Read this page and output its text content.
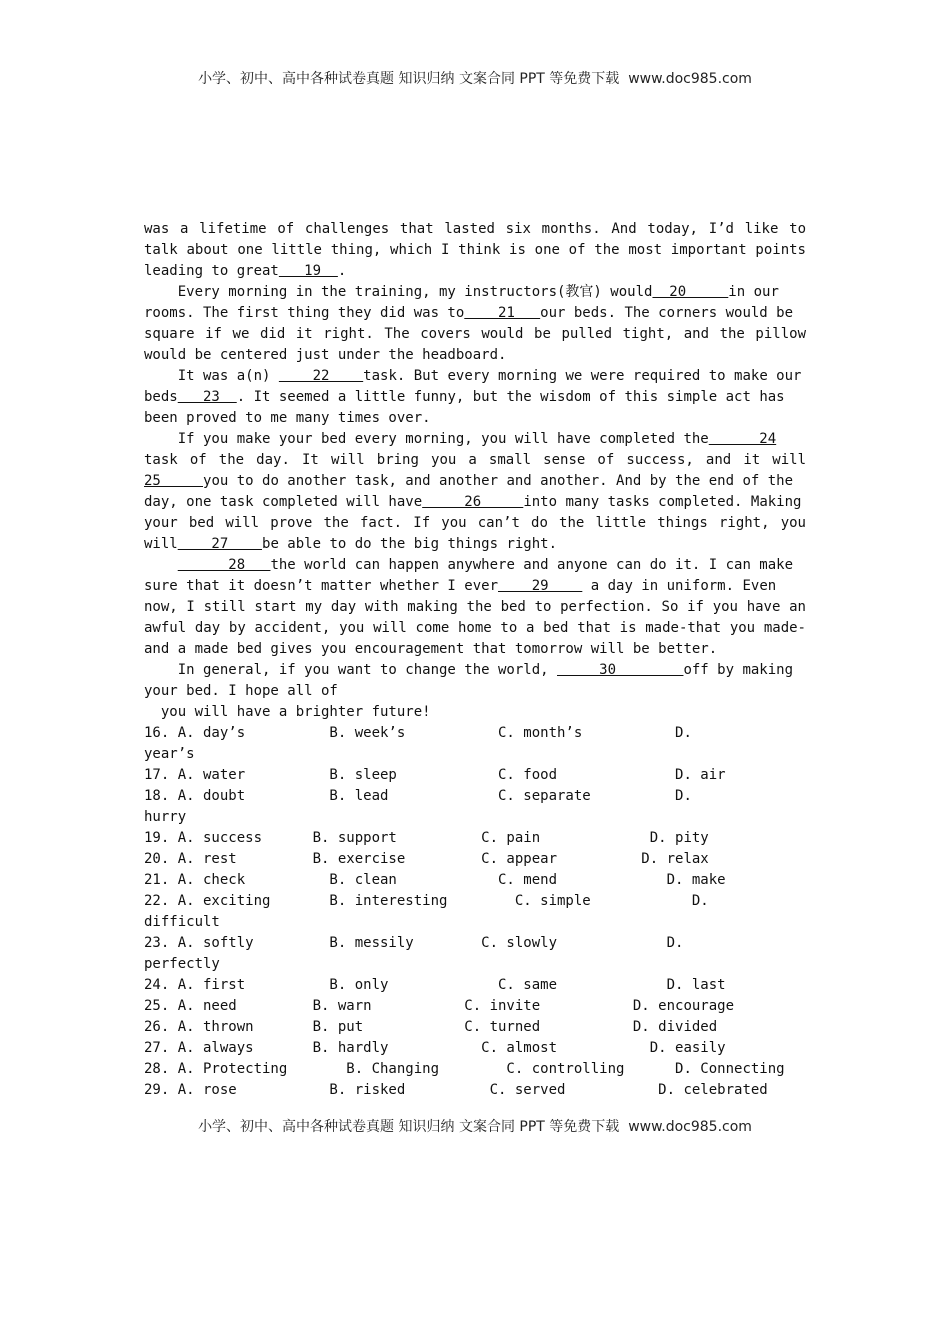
小学、初中、高中各种试卷真题 知识归纳 文案合同 PPT 等免费下载  www.doc985.com
was a lifetime of challenges that lasted six months. And today, I’d like to
talk about one little thing, which I think is one of the most important points
leading to great   19  .
Every morning in the training, my instructors(教官) would  20     in our
rooms. The first thing they did was to    21   our beds. The corners would be
square if we did it right. The covers would be pulled tight, and the pillow
would be centered just under the headboard.
It was a(n)     22    task. But every morning we were required to make our
beds   23  . It seemed a little funny, but the wisdom of this simple act has
been proved to me many times over.
If you make your bed every morning, you will have completed the      24
task of the day. It will bring you a small sense of success, and it will
25     you to do another task, and another and another. And by the end of the
day, one task completed will have     26     into many tasks completed. Making
your bed will prove the fact. If you can’t do the little things right, you
will    27    be able to do the big things right.
28   the world can happen anywhere and anyone can do it. I can make
sure that it doesn’t matter whether I ever    29     a day in uniform. Even
now, I still start my day with making the bed to perfection. So if you have an
awful day by accident, you will come home to a bed that is made-that you made-
and a made bed gives you encouragement that tomorrow will be better.
In general, if you want to change the world,      30        off by making
your bed. I hope all of
you will have a brighter future!
16. A. day’s          B. week’s           C. month’s           D.
year’s
17. A. water          B. sleep            C. food              D. air
18. A. doubt          B. lead             C. separate          D.
hurry
19. A. success      B. support          C. pain             D. pity
20. A. rest         B. exercise         C. appear          D. relax
21. A. check          B. clean            C. mend             D. make
22. A. exciting       B. interesting        C. simple            D.
difficult
23. A. softly         B. messily        C. slowly             D.
perfectly
24. A. first          B. only             C. same             D. last
25. A. need         B. warn           C. invite           D. encourage
26. A. thrown       B. put            C. turned           D. divided
27. A. always       B. hardly           C. almost           D. easily
28. A. Protecting       B. Changing        C. controlling      D. Connecting
29. A. rose           B. risked          C. served           D. celebrated
小学、初中、高中各种试卷真题 知识归纳 文案合同 PPT 等免费下载  www.doc985.com
